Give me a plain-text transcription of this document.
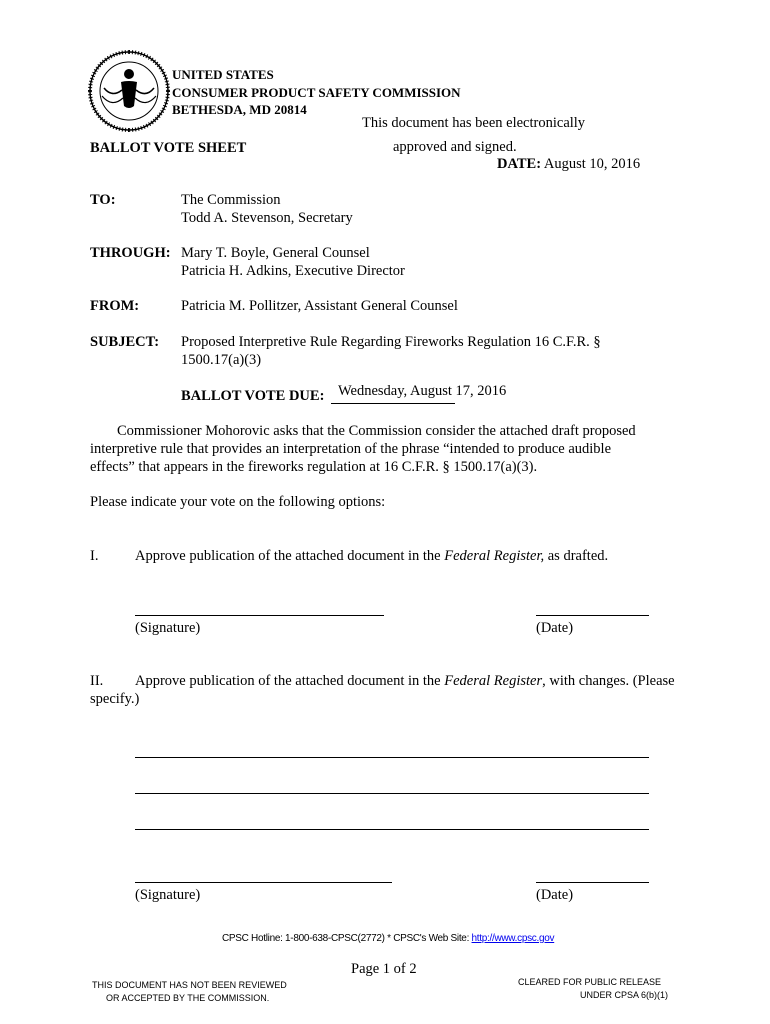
UNITED STATES
CONSUMER PRODUCT SAFETY COMMISSION
BETHESDA, MD 20814
This document has been electronically
approved and signed.
BALLOT VOTE SHEET
DATE: August 10, 2016
TO:	The Commission
Todd A. Stevenson, Secretary
THROUGH: Mary T. Boyle, General Counsel
Patricia H. Adkins, Executive Director
FROM:	Patricia M. Pollitzer, Assistant General Counsel
SUBJECT: Proposed Interpretive Rule Regarding Fireworks Regulation 16 C.F.R. §
1500.17(a)(3)
BALLOT VOTE DUE: Wednesday, August 17, 2016
Commissioner Mohorovic asks that the Commission consider the attached draft proposed
interpretive rule that provides an interpretation of the phrase “intended to produce audible
effects” that appears in the fireworks regulation at 16 C.F.R. § 1500.17(a)(3).
Please indicate your vote on the following options:
I.	Approve publication of the attached document in the Federal Register, as drafted.
(Signature)	(Date)
II. Approve publication of the attached document in the Federal Register, with changes. (Please
specify.)
(Signature)	(Date)
CPSC Hotline: 1-800-638-CPSC(2772) * CPSC's Web Site: http://www.cpsc.gov
Page 1 of 2
THIS DOCUMENT HAS NOT BEEN REVIEWED
OR ACCEPTED BY THE COMMISSION.
CLEARED FOR PUBLIC RELEASE
UNDER CPSA 6(b)(1)
